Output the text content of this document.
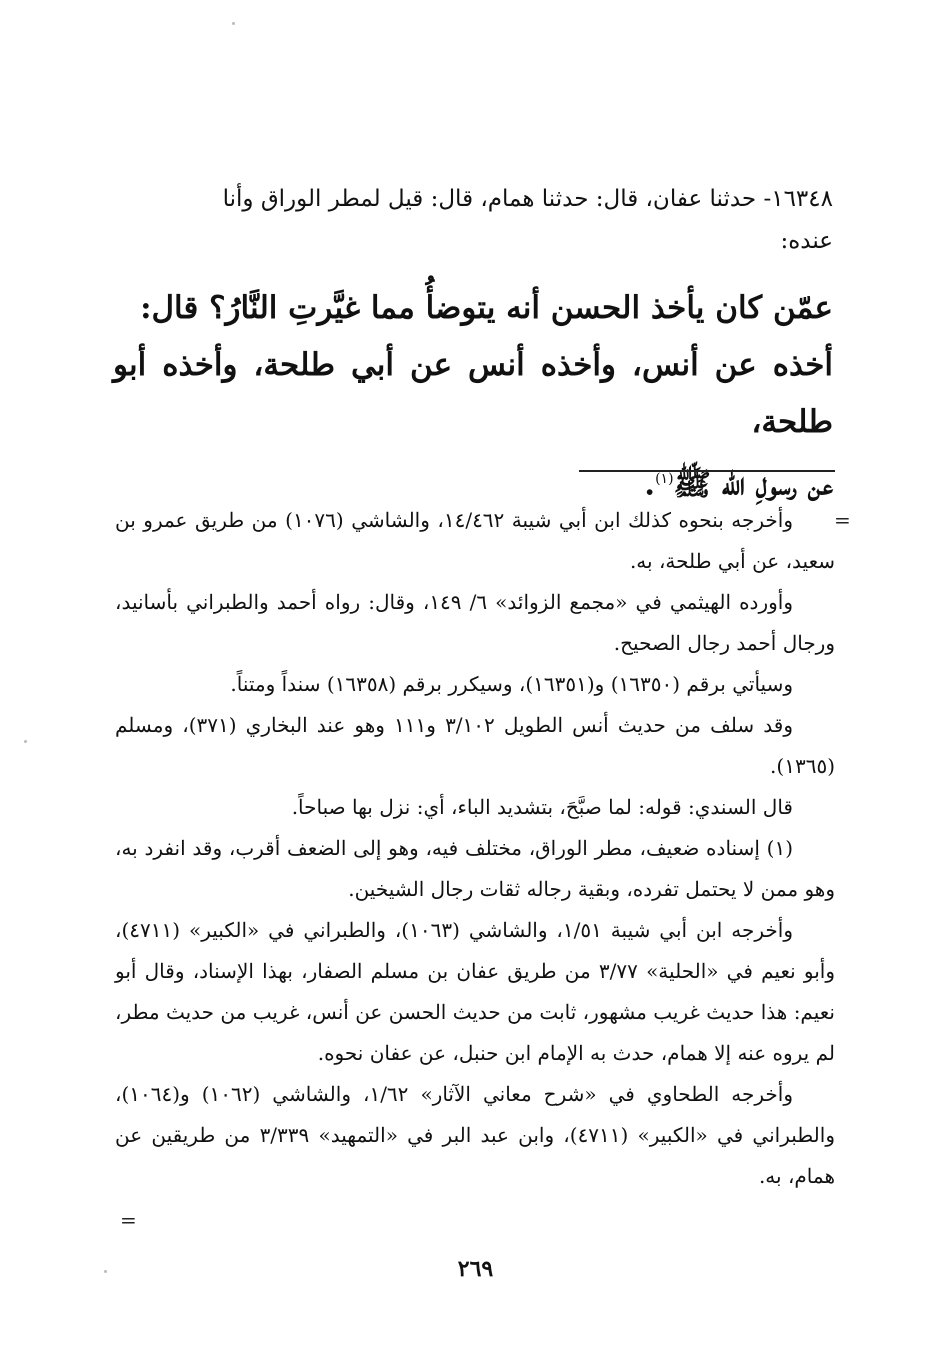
١٦٣٤٨- حدثنا عفان، قال: حدثنا همام، قال: قيل لمطر الوراق وأنا

عنده:

عمّن كان يأخذ الحسن أنه يتوضأُ مما غيَّرتِ النَّارُ؟ قال:

أخذه عن أنس، وأخذه أنس عن أبي طلحة، وأخذه أبو طلحة،

عن رسولِ الله ﷺ$^{(١)}$.

=

وأخرجه بنحوه كذلك ابن أبي شيبة ١٤/٤٦٢، والشاشي (١٠٧٦) من طريق عمرو بن سعيد، عن أبي طلحة، به.

وأورده الهيثمي في «مجمع الزوائد» ٦/ ١٤٩، وقال: رواه أحمد والطبراني بأسانيد، ورجال أحمد رجال الصحيح.

وسيأتي برقم (١٦٣٥٠) و(١٦٣٥١)، وسيكرر برقم (١٦٣٥٨) سنداً ومتناً.

وقد سلف من حديث أنس الطويل ٣/١٠٢ و١١١ وهو عند البخاري (٣٧١)، ومسلم (١٣٦٥).

قال السندي: قوله: لما صبَّحَ، بتشديد الباء، أي: نزل بها صباحاً.

(١) إسناده ضعيف، مطر الوراق، مختلف فيه، وهو إلى الضعف أقرب، وقد انفرد به، وهو ممن لا يحتمل تفرده، وبقية رجاله ثقات رجال الشيخين.

وأخرجه ابن أبي شيبة ١/٥١، والشاشي (١٠٦٣)، والطبراني في «الكبير» (٤٧١١)، وأبو نعيم في «الحلية» ٣/٧٧ من طريق عفان بن مسلم الصفار، بهذا الإسناد، وقال أبو نعيم: هذا حديث غريب مشهور، ثابت من حديث الحسن عن أنس، غريب من حديث مطر، لم يروه عنه إلا همام، حدث به الإمام ابن حنبل، عن عفان نحوه.

وأخرجه الطحاوي في «شرح معاني الآثار» ١/٦٢، والشاشي (١٠٦٢) و(١٠٦٤)، والطبراني في «الكبير» (٤٧١١)، وابن عبد البر في «التمهيد» ٣/٣٣٩ من طريقين عن همام، به.

=
٢٦٩
